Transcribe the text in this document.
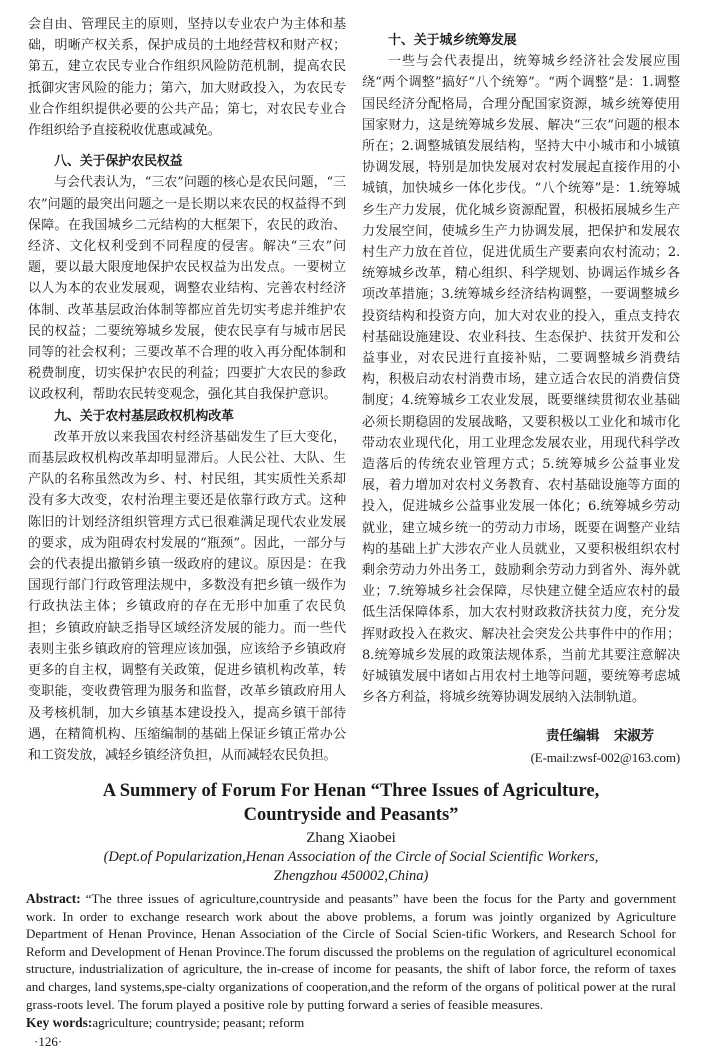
会自由、管理民主的原则，坚持以专业农户为主体和基础，明晰产权关系，保护成员的土地经营权和财产权；第五，建立农民专业合作组织风险防范机制，提高农民抵御灾害风险的能力；第六，加大财政投入，为农民专业合作组织提供必要的公共产品；第七，对农民专业合作组织给予直接税收优惠或减免。

八、关于保护农民权益

与会代表认为，“三农”问题的核心是农民问题，“三农”问题的最突出问题之一是长期以来农民的权益得不到保障。在我国城乡二元结构的大框架下，农民的政治、经济、文化权利受到不同程度的侵害。解决“三农”问题，要以最大限度地保护农民权益为出发点。一要树立以人为本的农业发展观，调整农业结构、完善农村经济体制、改革基层政治体制等都应首先切实考虑并维护农民的权益；二要统筹城乡发展，使农民享有与城市居民同等的社会权利；三要改革不合理的收入再分配体制和税费制度，切实保护农民的利益；四要扩大农民的参政议政权利，帮助农民转变观念，强化其自我保护意识。

九、关于农村基层政权机构改革

改革开放以来我国农村经济基础发生了巨大变化，而基层政权机构改革却明显滞后。人民公社、大队、生产队的名称虽然改为乡、村、村民组，其实质性关系却没有多大改变，农村治理主要还是依靠行政方式。这种陈旧的计划经济组织管理方式已很难满足现代农业发展的要求，成为阻碍农村发展的“瓶颈”。因此，一部分与会的代表提出撤销乡镇一级政府的建议。原因是：在我国现行部门行政管理法规中，多数没有把乡镇一级作为行政执法主体；乡镇政府的存在无形中加重了农民负担；乡镇政府缺乏指导区域经济发展的能力。而一些代表则主张乡镇政府的管理应该加强，应该给予乡镇政府更多的自主权，调整有关政策，促进乡镇机构改革，转变职能，变收费管理为服务和监督，改革乡镇政府用人及考核机制，加大乡镇基本建设投入，提高乡镇干部待遇，在精简机构、压缩编制的基础上保证乡镇正常办公和工资发放，减轻乡镇经济负担，从而减轻农民负担。

十、关于城乡统筹发展

一些与会代表提出，统筹城乡经济社会发展应围绕“两个调整”搞好“八个统筹”。“两个调整”是：1.调整国民经济分配格局，合理分配国家资源，城乡统筹使用国家财力，这是统筹城乡发展、解决“三农”问题的根本所在；2.调整城镇发展结构，坚持大中小城市和小城镇协调发展，特别是加快发展对农村发展起直接作用的小城镇，加快城乡一体化步伐。“八个统筹”是：1.统筹城乡生产力发展，优化城乡资源配置，积极拓展城乡生产力发展空间，使城乡生产力协调发展，把保护和发展农村生产力放在首位，促进优质生产要素向农村流动；2.统筹城乡改革，精心组织、科学规划、协调运作城乡各项改革措施；3.统筹城乡经济结构调整，一要调整城乡投资结构和投资方向，加大对农业的投入，重点支持农村基础设施建设、农业科技、生态保护、扶贫开发和公益事业，对农民进行直接补贴，二要调整城乡消费结构，积极启动农村消费市场，建立适合农民的消费信贷制度；4.统筹城乡工农业发展，既要继续贯彻农业基础必须长期稳固的发展战略，又要积极以工业化和城市化带动农业现代化，用工业理念发展农业，用现代科学改造落后的传统农业管理方式；5.统筹城乡公益事业发展，着力增加对农村义务教育、农村基础设施等方面的投入，促进城乡公益事业发展一体化；6.统筹城乡劳动就业，建立城乡统一的劳动力市场，既要在调整产业结构的基础上扩大涉农产业人员就业，又要积极组织农村剩余劳动力外出务工，鼓励剩余劳动力到省外、海外就业；7.统筹城乡社会保障，尽快建立健全适应农村的最低生活保障体系，加大农村财政救济扶贫力度，充分发挥财政投入在救灾、解决社会突发公共事件中的作用；8.统筹城乡发展的政策法规体系，当前尤其要注意解决好城镇发展中诸如占用农村土地等问题，要统筹考虑城乡各方利益，将城乡统筹协调发展纳入法制轨道。

责任编辑 宋淑芳
(E-mail:zwsf-002@163.com)
A Summery of Forum For Henan “Three Issues of Agriculture,
Countryside and Peasants”
Zhang Xiaobei
(Dept.of Popularization,Henan Association of the Circle of Social Scientific Workers,
Zhengzhou 450002,China)
Abstract: “The three issues of agriculture,countryside and peasants” have been the focus for the Party and government work. In order to exchange research work about the above problems, a forum was jointly organized by Agriculture Department of Henan Province, Henan Association of the Circle of Social Scien-tific Workers, and Research School for Reform and Development of Henan Province.The forum discussed the problems on the regulation of agriculturel economical structure, industrialization of agriculture, the in-crease of income for peasants, the shift of labor force, the reform of taxes and charges, land systems,spe-cialty organizations of cooperation,and the reform of the organs of political power at the rural grass-roots level. The forum played a positive role by putting forward a series of feasible measures.
Key words:agriculture; countryside; peasant; reform
·126·
